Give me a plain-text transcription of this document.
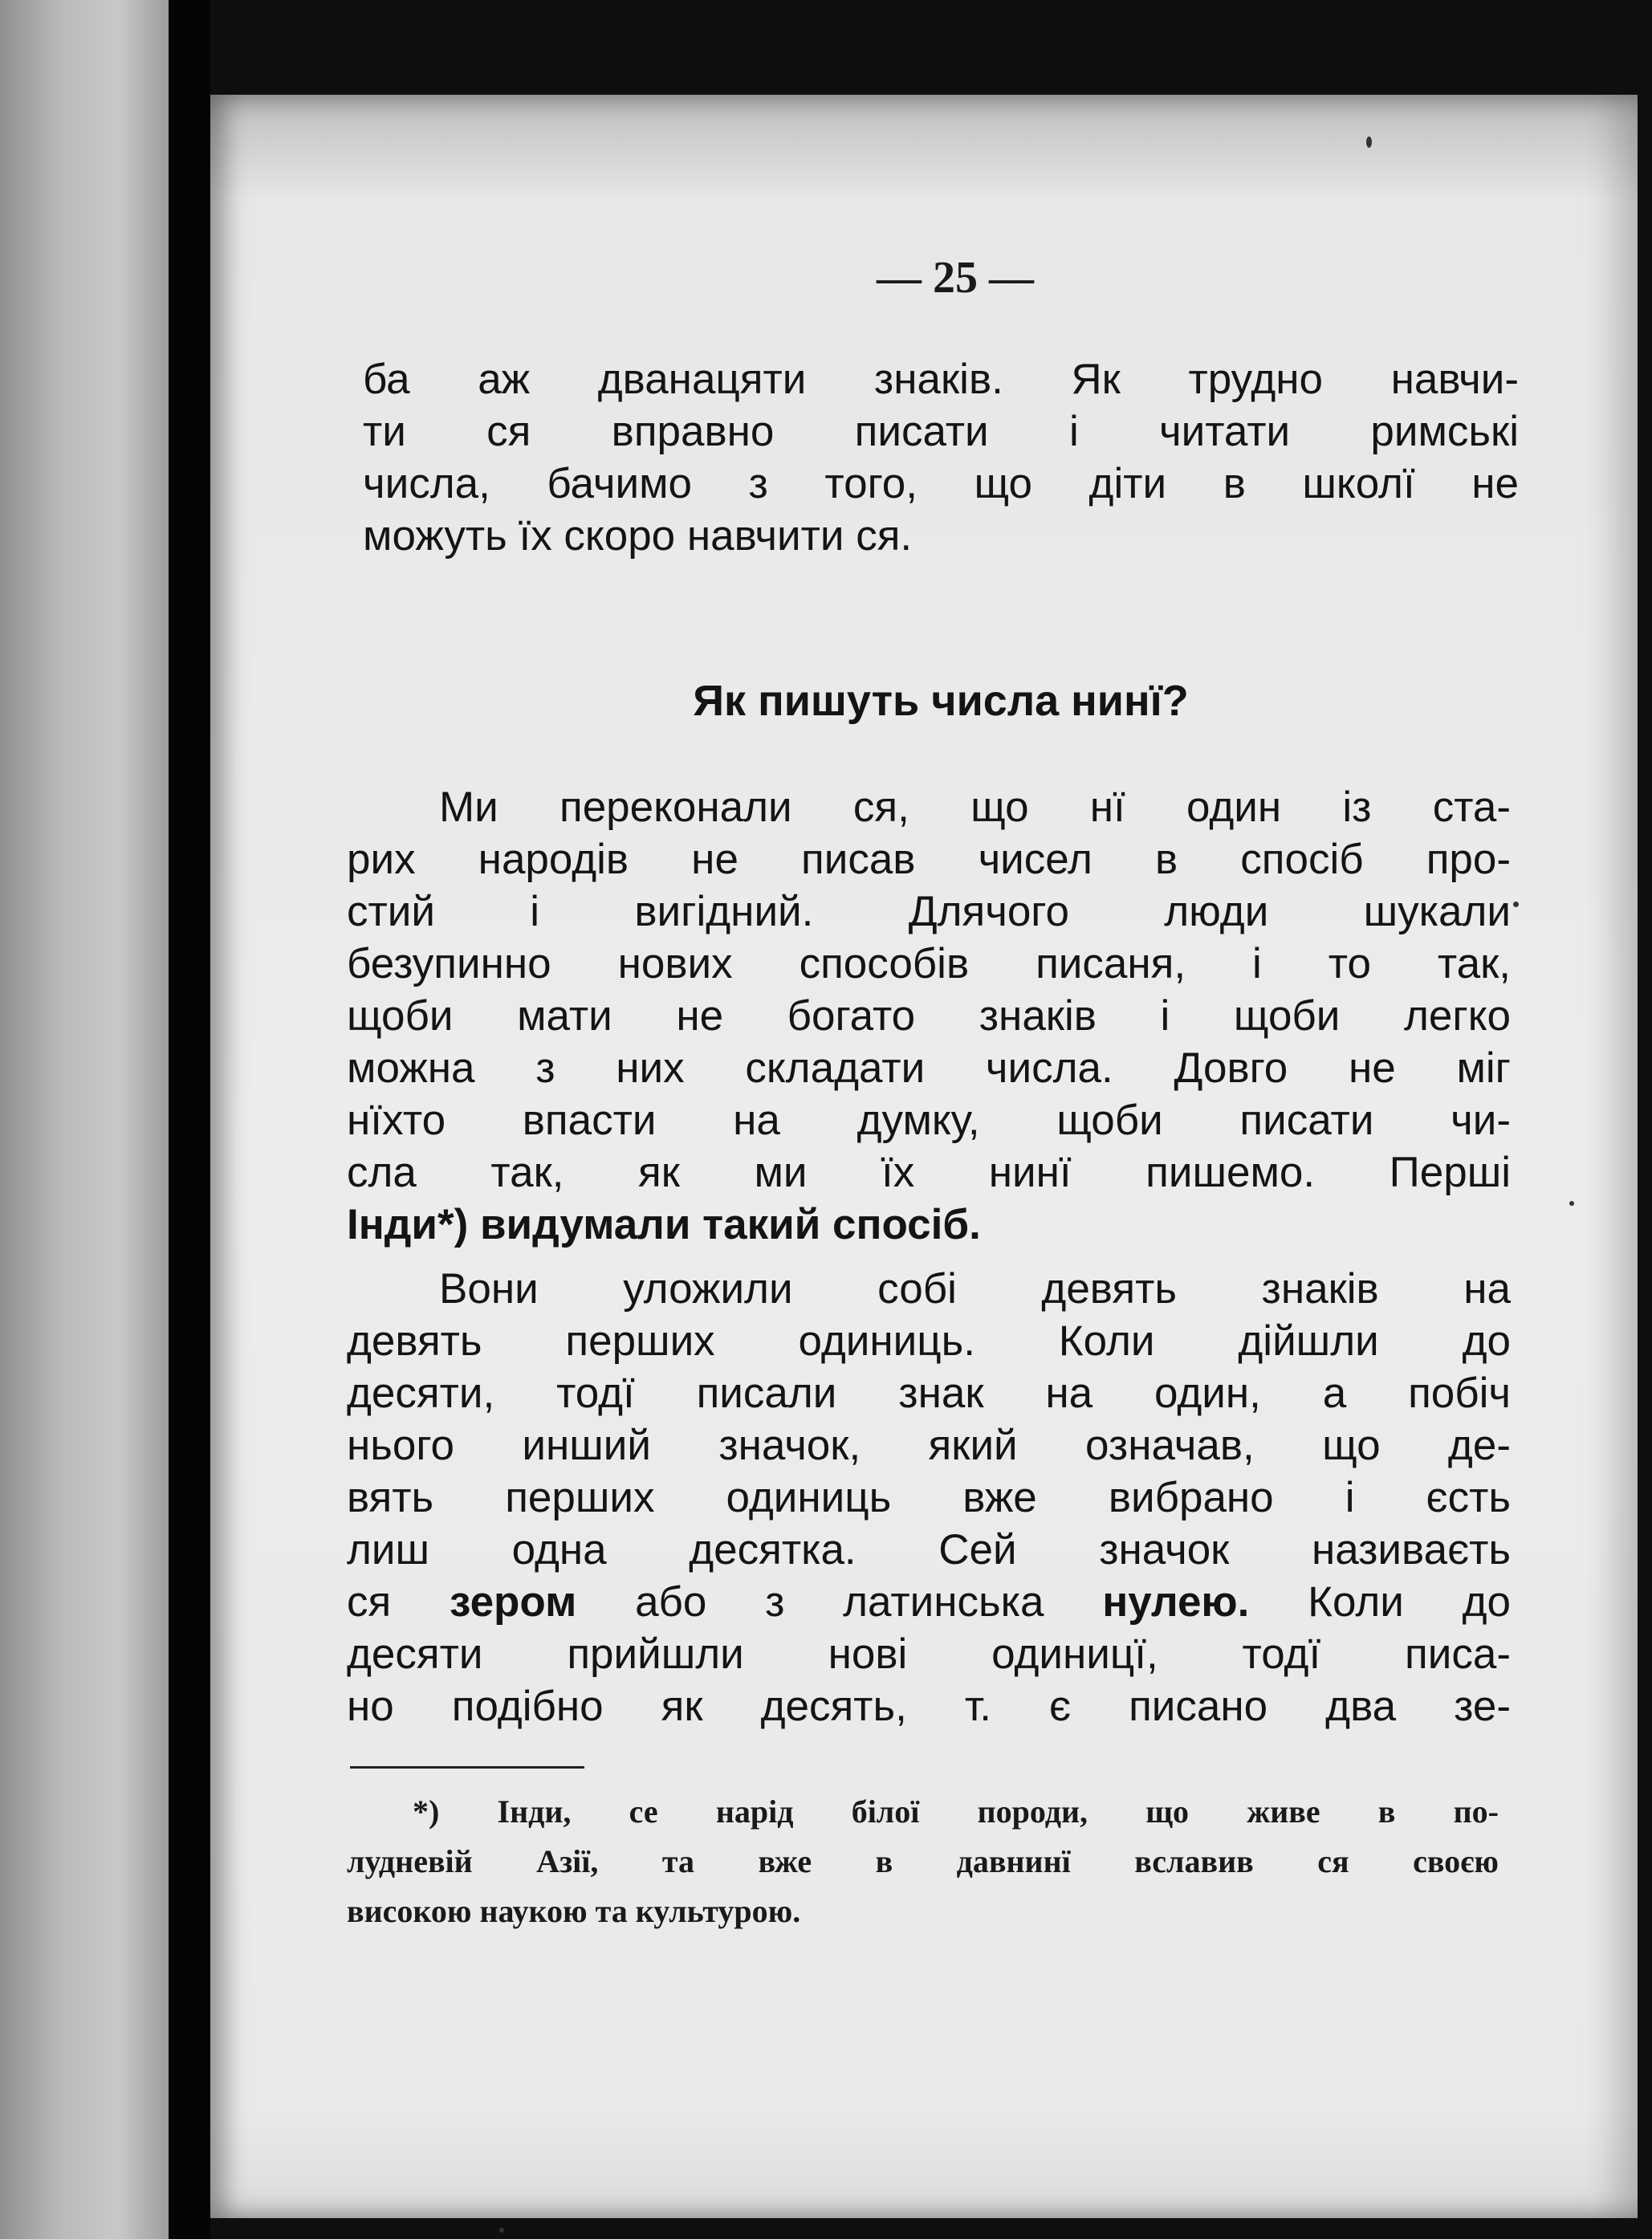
— 25 —
ба аж дванацяти знаків. Як трудно навчи-
ти ся вправно писати і читати римські
числа, бачимо з того, що діти в школї не
можуть їх скоро навчити ся.
Як пишуть числа нинї?
Ми переконали ся, що нї один із ста-
рих народів не писав чисел в спосіб про-
стий і вигідний. Длячого люди шукали
безупинно нових способів писаня, і то так,
щоби мати не богато знаків і щоби легко
можна з них складати числа. Довго не міг
нїхто впасти на думку, щоби писати чи-
сла так, як ми їх нинї пишемо. Перші
Інди*) видумали такий спосіб.
Вони уложили собі девять знаків на
девять перших одиниць. Коли дійшли до
десяти, тодї писали знак на один, а побіч
нього инший значок, який означав, що де-
вять перших одиниць вже вибрано і єсть
лиш одна десятка. Сей значок називаєть
ся зером або з латинська нулею. Коли до
десяти прийшли нові одиницї, тодї писа-
но подібно як десять, т. є писано два зе-
*) Інди, се нарід білої породи, що живе в по-
лудневій Азії, та вже в давнинї вславив ся своєю
високою наукою та культурою.
